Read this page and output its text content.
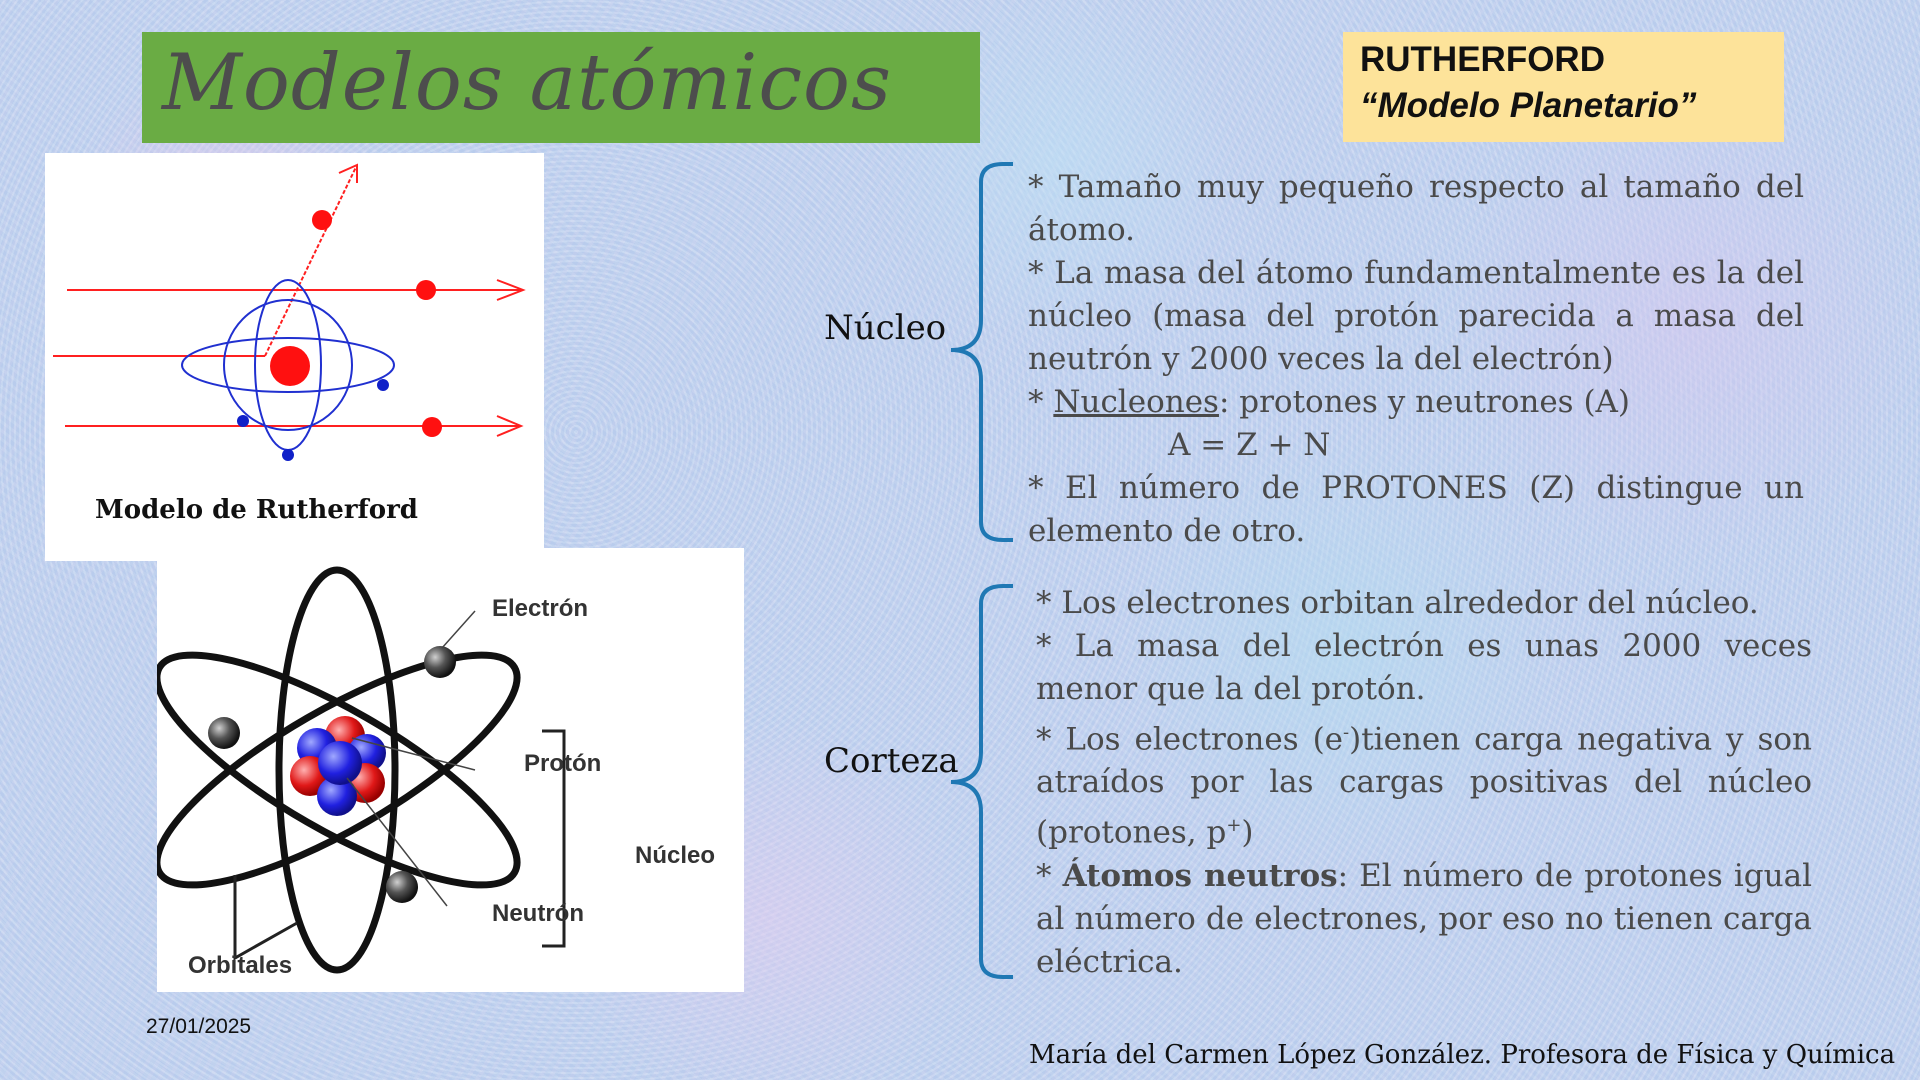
Modelos atómicos	RUTHERFORD
“Modelo Planetario”
Modelo de Rutherford
Electrón
Protón
Núcleo
Neutrón
Orbitales
Núcleo

* Tamaño muy pequeño respecto al tamaño del átomo.

* La masa del átomo fundamentalmente es la del núcleo (masa del protón parecida a masa del neutrón y 2000 veces la del electrón)

* Nucleones: protones y neutrones (A)

A = Z + N

* El número de PROTONES (Z) distingue un elemento de otro.

Corteza

* Los electrones orbitan alrededor del núcleo.

* La masa del electrón es unas 2000 veces menor que la del protón.

* Los electrones (e-)tienen carga negativa y son atraídos por las cargas positivas del núcleo (protones, p+)

* Átomos neutros: El número de protones igual al número de electrones, por eso no tienen carga eléctrica.

27/01/2025
María del Carmen López González. Profesora de Física y Química
